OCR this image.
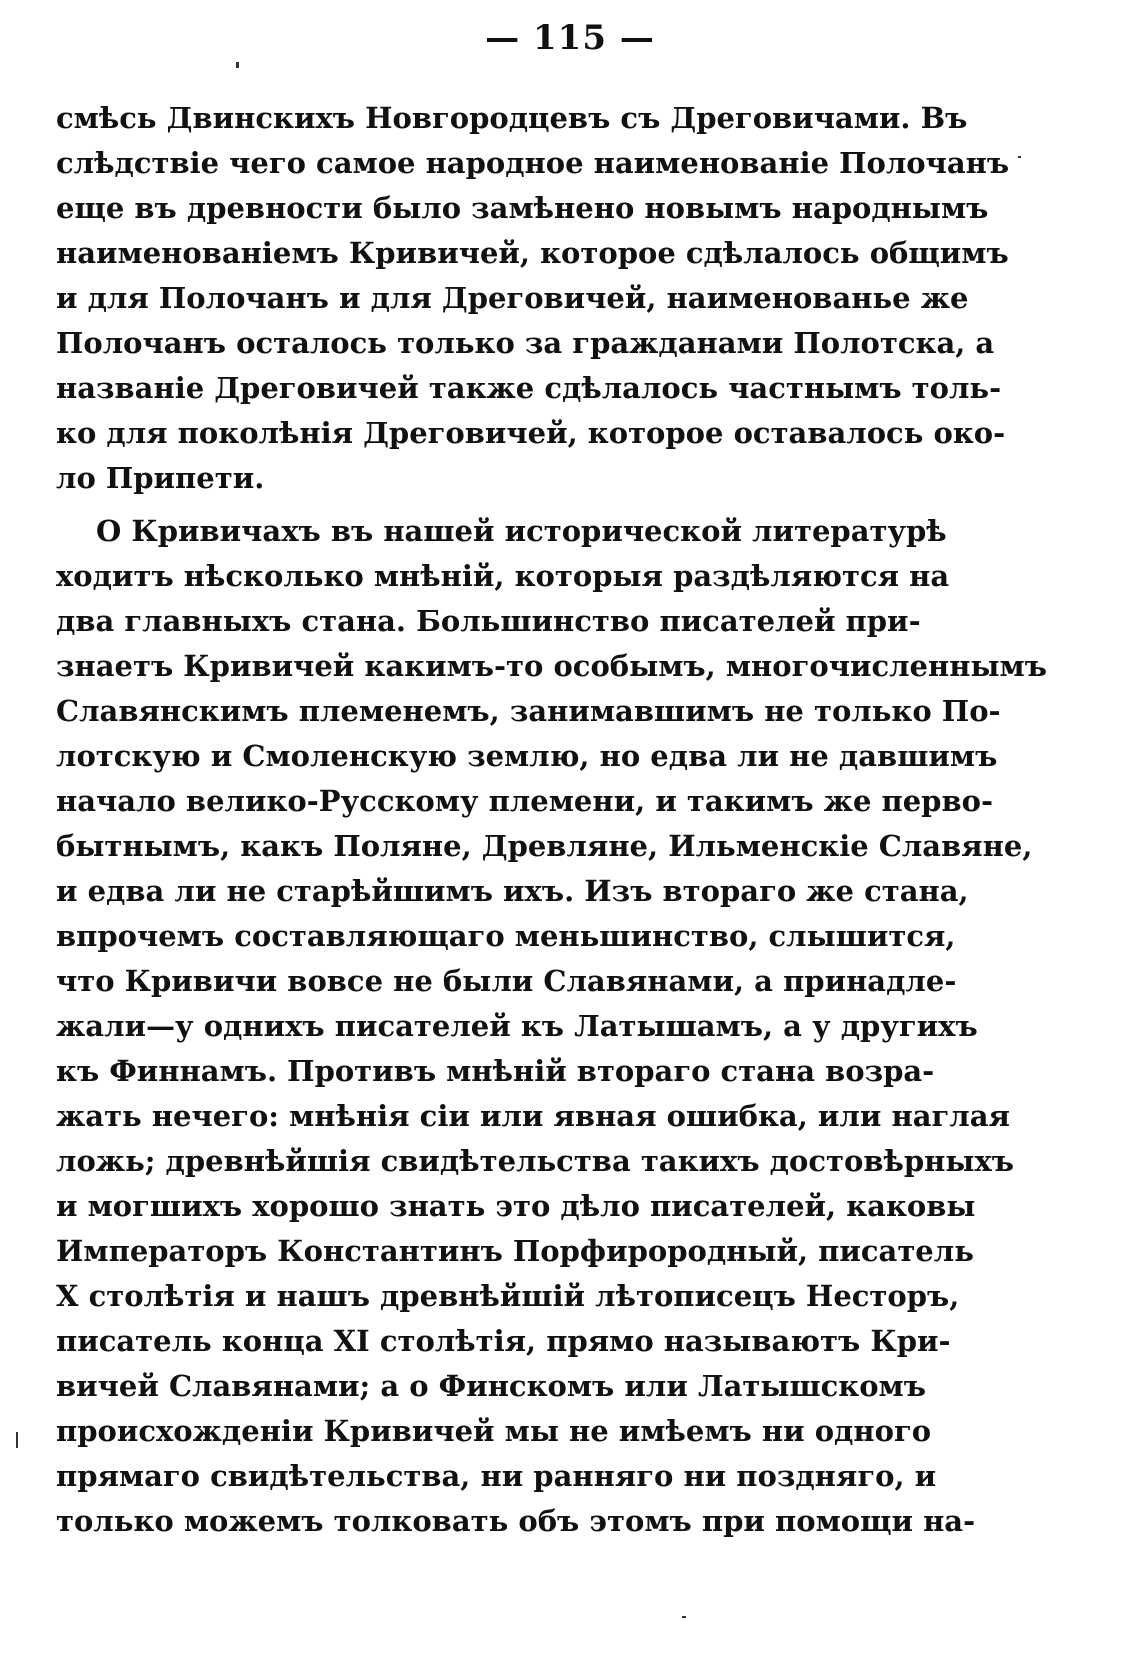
— 115 —
смѣсь Двинскихъ Новгородцевъ съ Дреговичами. Въ
слѣдствіе чего самое народное наименованіе Полочанъ
еще въ древности было замѣнено новымъ народнымъ
наименованіемъ Кривичей, которое сдѣлалось общимъ
и для Полочанъ и для Дреговичей, наименованье же
Полочанъ осталось только за гражданами Полотска, а
названіе Дреговичей также сдѣлалось частнымъ толь-
ко для поколѣнія Дреговичей, которое оставалось око-
ло Припети.
О Кривичахъ въ нашей исторической литературѣ
ходитъ нѣсколько мнѣній, которыя раздѣляются на
два главныхъ стана. Большинство писателей при-
знаетъ Кривичей какимъ-то особымъ, многочисленнымъ
Славянскимъ племенемъ, занимавшимъ не только По-
лотскую и Смоленскую землю, но едва ли не давшимъ
начало велико-Русскому племени, и такимъ же перво-
бытнымъ, какъ Поляне, Древляне, Ильменскіе Славяне,
и едва ли не старѣйшимъ ихъ. Изъ втораго же стана,
впрочемъ составляющаго меньшинство, слышится,
что Кривичи вовсе не были Славянами, а принадле-
жали—у однихъ писателей къ Латышамъ, а у другихъ
къ Финнамъ. Противъ мнѣній втораго стана возра-
жать нечего: мнѣнія сіи или явная ошибка, или наглая
ложь; древнѣйшія свидѣтельства такихъ достовѣрныхъ
и могшихъ хорошо знать это дѣло писателей, каковы
Императоръ Константинъ Порфирородный, писатель
X столѣтія и нашъ древнѣйшій лѣтописецъ Несторъ,
писатель конца XI столѣтія, прямо называютъ Кри-
вичей Славянами; а о Финскомъ или Латышскомъ
происхожденіи Кривичей мы не имѣемъ ни одного
прямаго свидѣтельства, ни ранняго ни поздняго, и
только можемъ толковать объ этомъ при помощи на-
